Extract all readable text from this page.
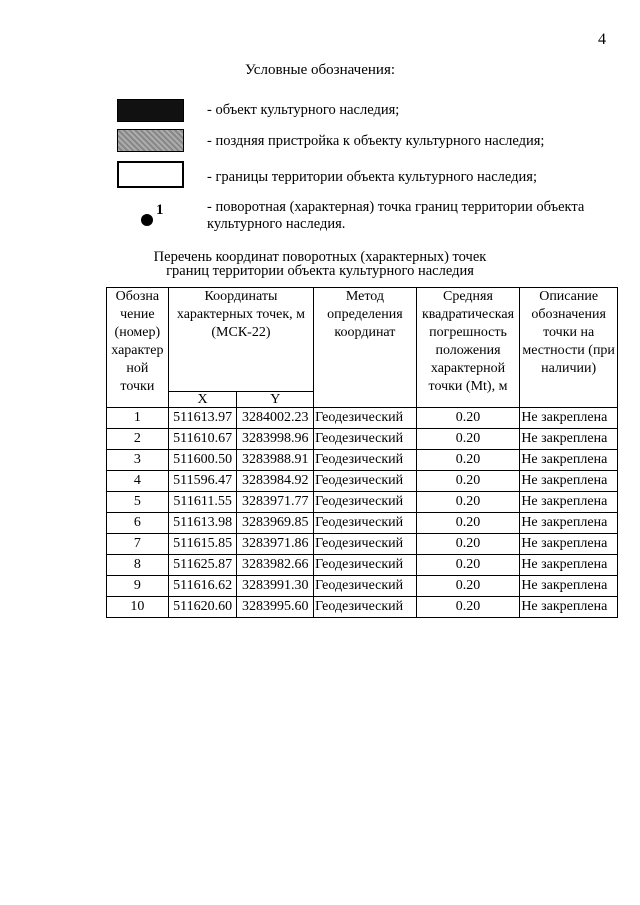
4
Условные обозначения:
- объект культурного наследия;
- поздняя пристройка к объекту культурного наследия;
- границы территории объекта культурного наследия;
1	- поворотная (характерная) точка границ территории объекта культурного наследия.
Перечень координат поворотных (характерных) точек
границ территории объекта культурного наследия
Обозна чение (номер) характер ной точки	Координаты характерных точек, м (МСК-22)		Метод определения координат	Средняя квадратическая погрешность положения характерной точки (Mt), м	Описание обозначения точки на местности (при наличии)
	X	Y			
1	511613.97	3284002.23	Геодезический	0.20	Не закреплена
2	511610.67	3283998.96	Геодезический	0.20	Не закреплена
3	511600.50	3283988.91	Геодезический	0.20	Не закреплена
4	511596.47	3283984.92	Геодезический	0.20	Не закреплена
5	511611.55	3283971.77	Геодезический	0.20	Не закреплена
6	511613.98	3283969.85	Геодезический	0.20	Не закреплена
7	511615.85	3283971.86	Геодезический	0.20	Не закреплена
8	511625.87	3283982.66	Геодезический	0.20	Не закреплена
9	511616.62	3283991.30	Геодезический	0.20	Не закреплена
10	511620.60	3283995.60	Геодезический	0.20	Не закреплена
